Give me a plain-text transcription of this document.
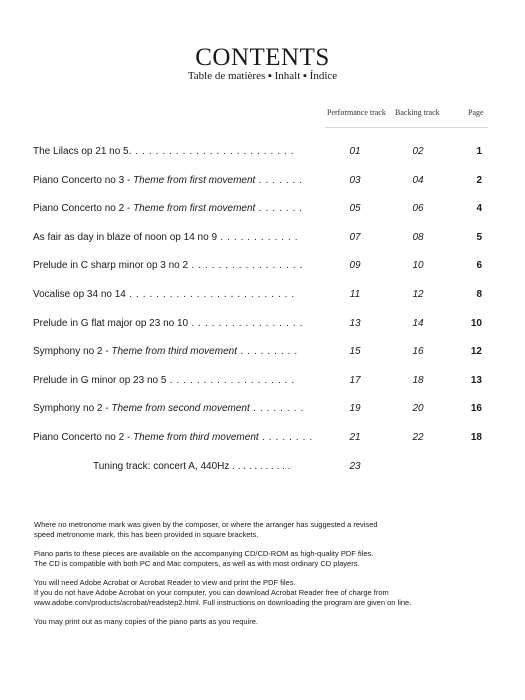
CONTENTS
Table de matières ▪ Inhalt ▪ Índice
Performance track Backing track	Page
The Lilacs op 21 no 5. . . . . . . . . . . . . . . . . . . . . . . . .	01	02	1
Piano Concerto no 3 - Theme from first movement . . . . . . .	03	04	2
Piano Concerto no 2 - Theme from first movement . . . . . . .	05	06	4
As fair as day in blaze of noon op 14 no 9 . . . . . . . . . . . .	07	08	5
Prelude in C sharp minor op 3 no 2 . . . . . . . . . . . . . . . . .	09	10	6
Vocalise op 34 no 14 . . . . . . . . . . . . . . . . . . . . . . . . .	11	12	8
Prelude in G flat major op 23 no 10 . . . . . . . . . . . . . . . . .	13	14	10
Symphony no 2 - Theme from third movement . . . . . . . . .	15	16	12
Prelude in G minor op 23 no 5 . . . . . . . . . . . . . . . . . . .	17	18	13
Symphony no 2 - Theme from second movement . . . . . . . .	19	20	16
Piano Concerto no 2 - Theme from third movement . . . . . . . .	21	22	18
Tuning track: concert A, 440Hz . . . . . . . . . . .	23

Where no metronome mark was given by the composer, or where the arranger has suggested a revised
speed metronome mark, this has been provided in square brackets.

Piano parts to these pieces are available on the accompanying CD/CD-ROM as high-quality PDF files.
The CD is compatible with both PC and Mac computers, as well as with most ordinary CD players.

You will need Adobe Acrobat or Acrobat Reader to view and print the PDF files.
If you do not have Adobe Acrobat on your computer, you can download Acrobat Reader free of charge from
www.adobe.com/products/acrobat/readstep2.html. Full instructions on downloading the program are given on line.

You may print out as many copies of the piano parts as you require.
